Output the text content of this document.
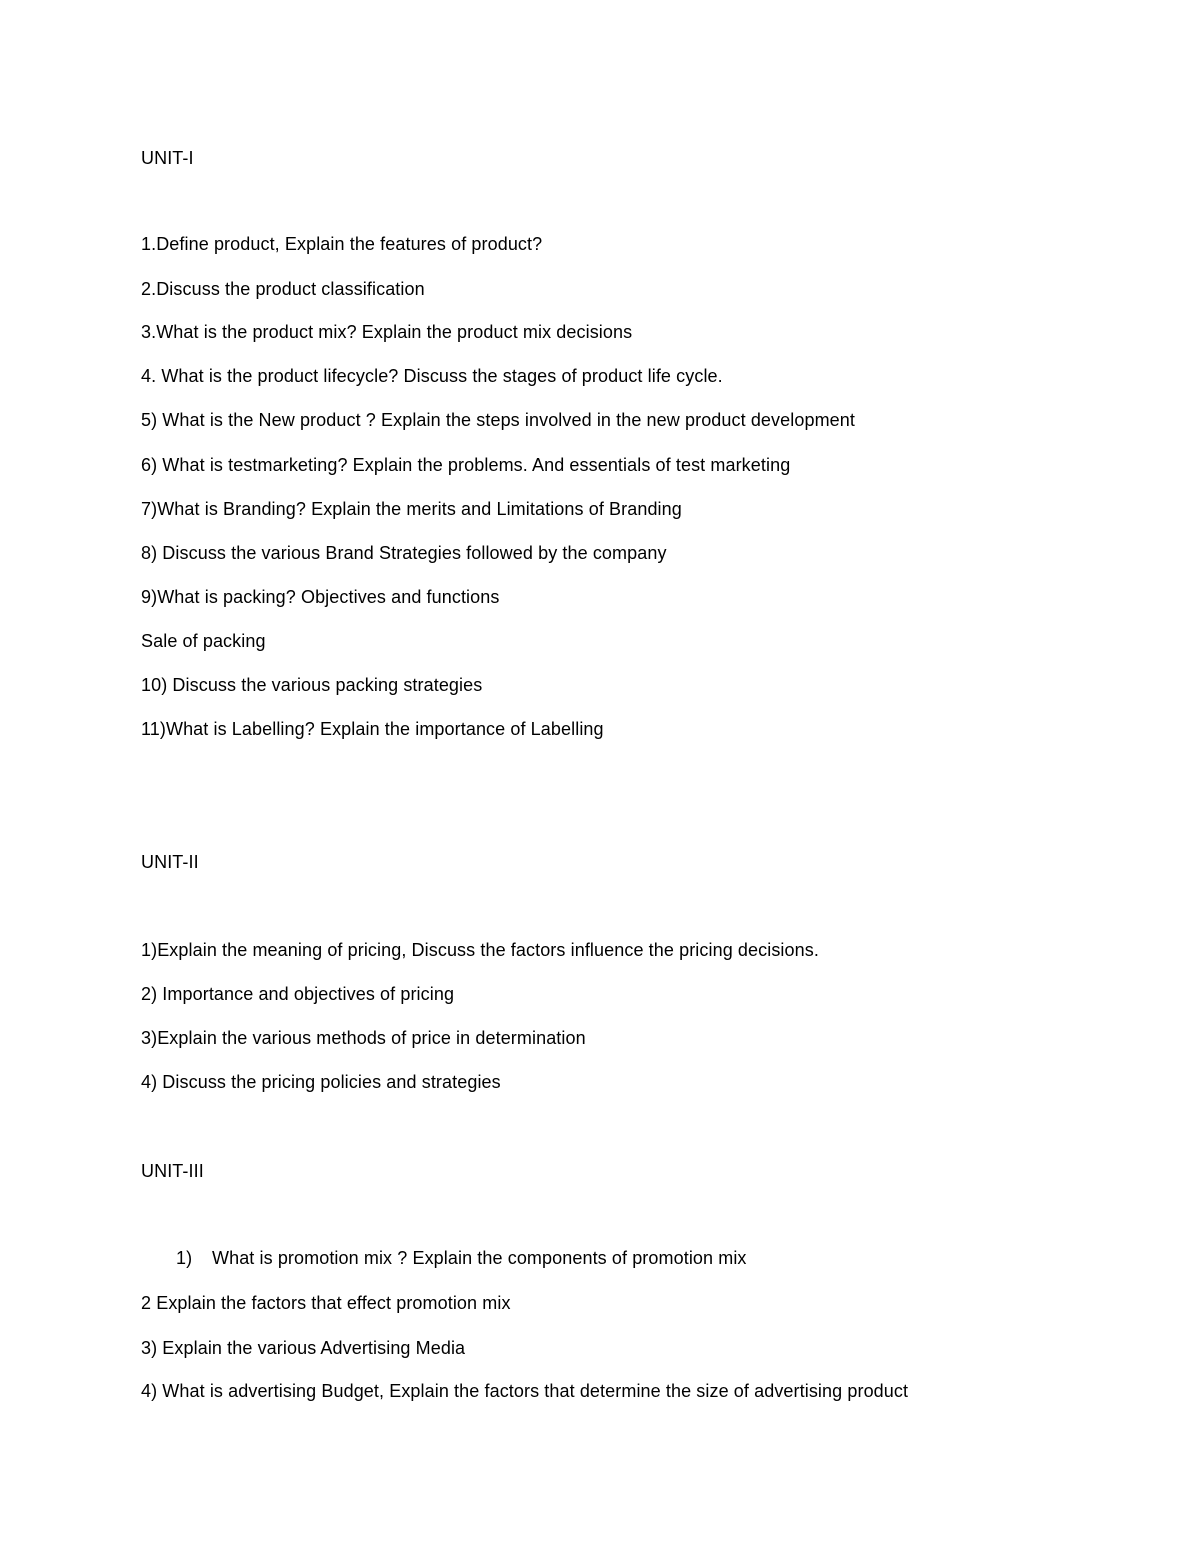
UNIT-I
1.Define product, Explain the features of product?
2.Discuss the product classification
3.What is the product mix? Explain the product mix decisions
4. What is the product lifecycle? Discuss the stages of product life cycle.
5) What is the New product ? Explain the steps involved in the new product development
6) What is testmarketing? Explain the problems. And essentials of test marketing
7)What is Branding? Explain the merits and Limitations of Branding
8) Discuss the various Brand Strategies followed by the company
9)What is packing? Objectives and functions
Sale of packing
10) Discuss the various packing strategies
11)What is Labelling? Explain the importance of Labelling
UNIT-II
1)Explain the meaning of pricing, Discuss the factors influence the pricing decisions.
2) Importance and objectives of pricing
3)Explain the various methods of price in determination
4) Discuss the pricing policies and strategies
UNIT-III
1) What is promotion mix ? Explain the components of promotion mix
2 Explain the factors that effect promotion mix
3) Explain the various Advertising Media
4) What is advertising Budget, Explain the factors that determine the size of advertising product
